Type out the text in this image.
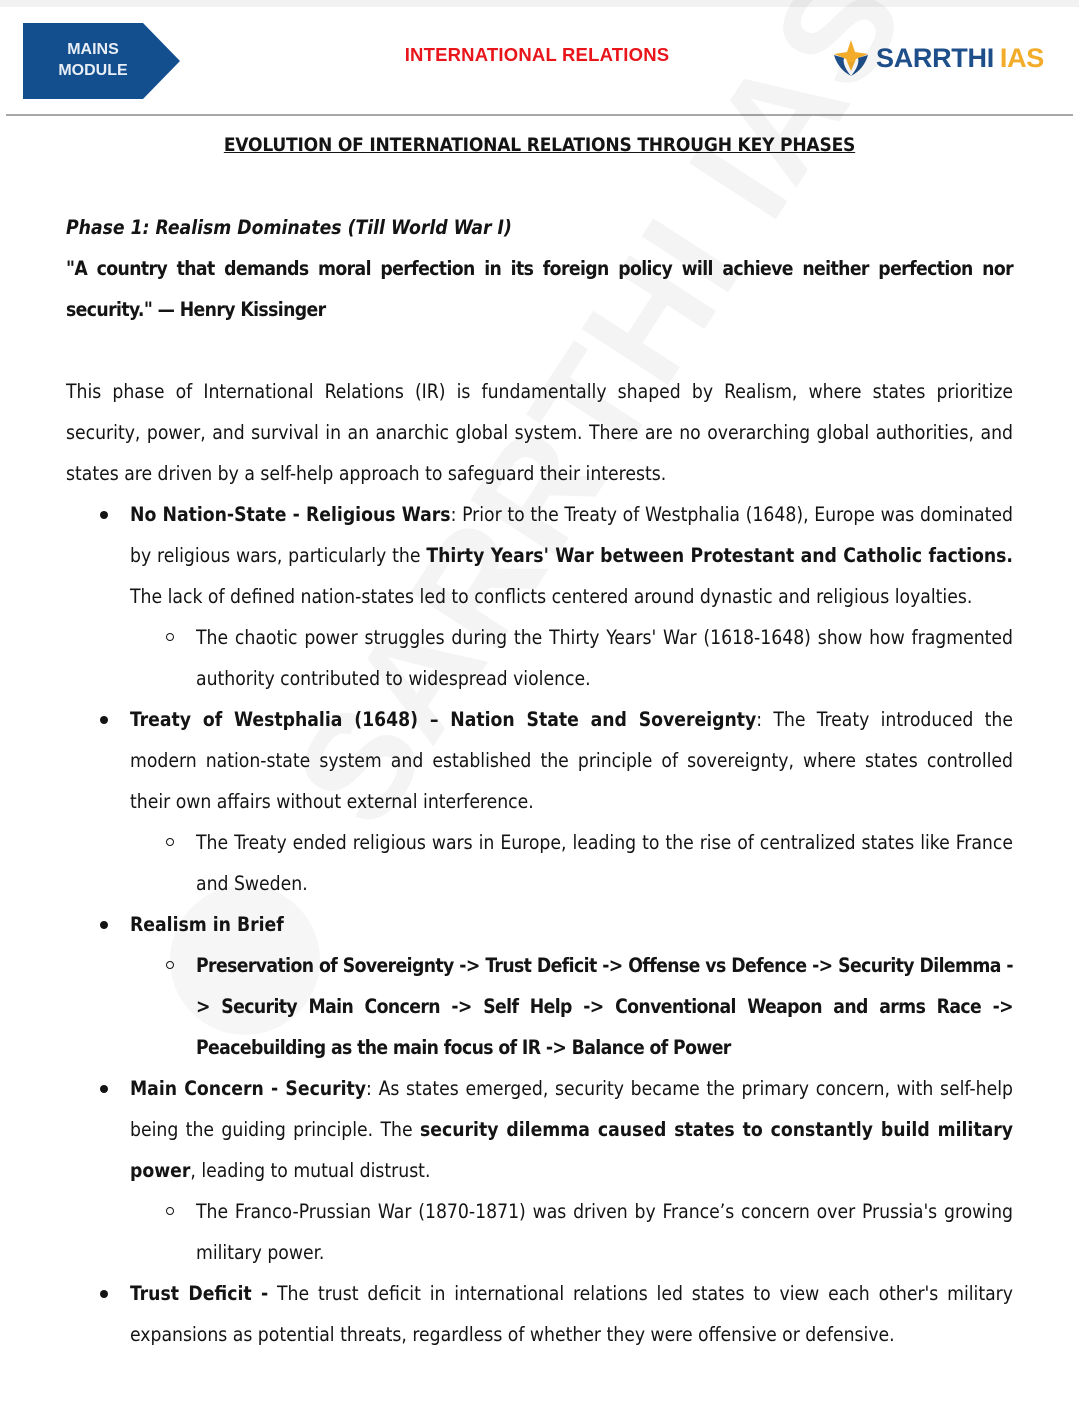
MAINS
MODULE
INTERNATIONAL RELATIONS	SARRTHI IAS
EVOLUTION OF INTERNATIONAL RELATIONS THROUGH KEY PHASES

Phase 1: Realism Dominates (Till World War I)

"A country that demands moral perfection in its foreign policy will achieve neither perfection nor security." — Henry Kissinger

This phase of International Relations (IR) is fundamentally shaped by Realism, where states prioritize security, power, and survival in an anarchic global system. There are no overarching global authorities, and states are driven by a self-help approach to safeguard their interests.

No Nation-State - Religious Wars: Prior to the Treaty of Westphalia (1648), Europe was dominated by religious wars, particularly the Thirty Years' War between Protestant and Catholic factions. The lack of defined nation-states led to conflicts centered around dynastic and religious loyalties.
The chaotic power struggles during the Thirty Years' War (1618-1648) show how fragmented authority contributed to widespread violence.
Treaty of Westphalia (1648) – Nation State and Sovereignty: The Treaty introduced the modern nation-state system and established the principle of sovereignty, where states controlled their own affairs without external interference.
The Treaty ended religious wars in Europe, leading to the rise of centralized states like France and Sweden.
Realism in Brief
Preservation of Sovereignty -> Trust Deficit -> Offense vs Defence -> Security Dilemma -> Security Main Concern -> Self Help -> Conventional Weapon and arms Race -> Peacebuilding as the main focus of IR -> Balance of Power
Main Concern - Security: As states emerged, security became the primary concern, with self-help being the guiding principle. The security dilemma caused states to constantly build military power, leading to mutual distrust.
The Franco-Prussian War (1870-1871) was driven by France’s concern over Prussia's growing military power.
Trust Deficit - The trust deficit in international relations led states to view each other's military expansions as potential threats, regardless of whether they were offensive or defensive.
